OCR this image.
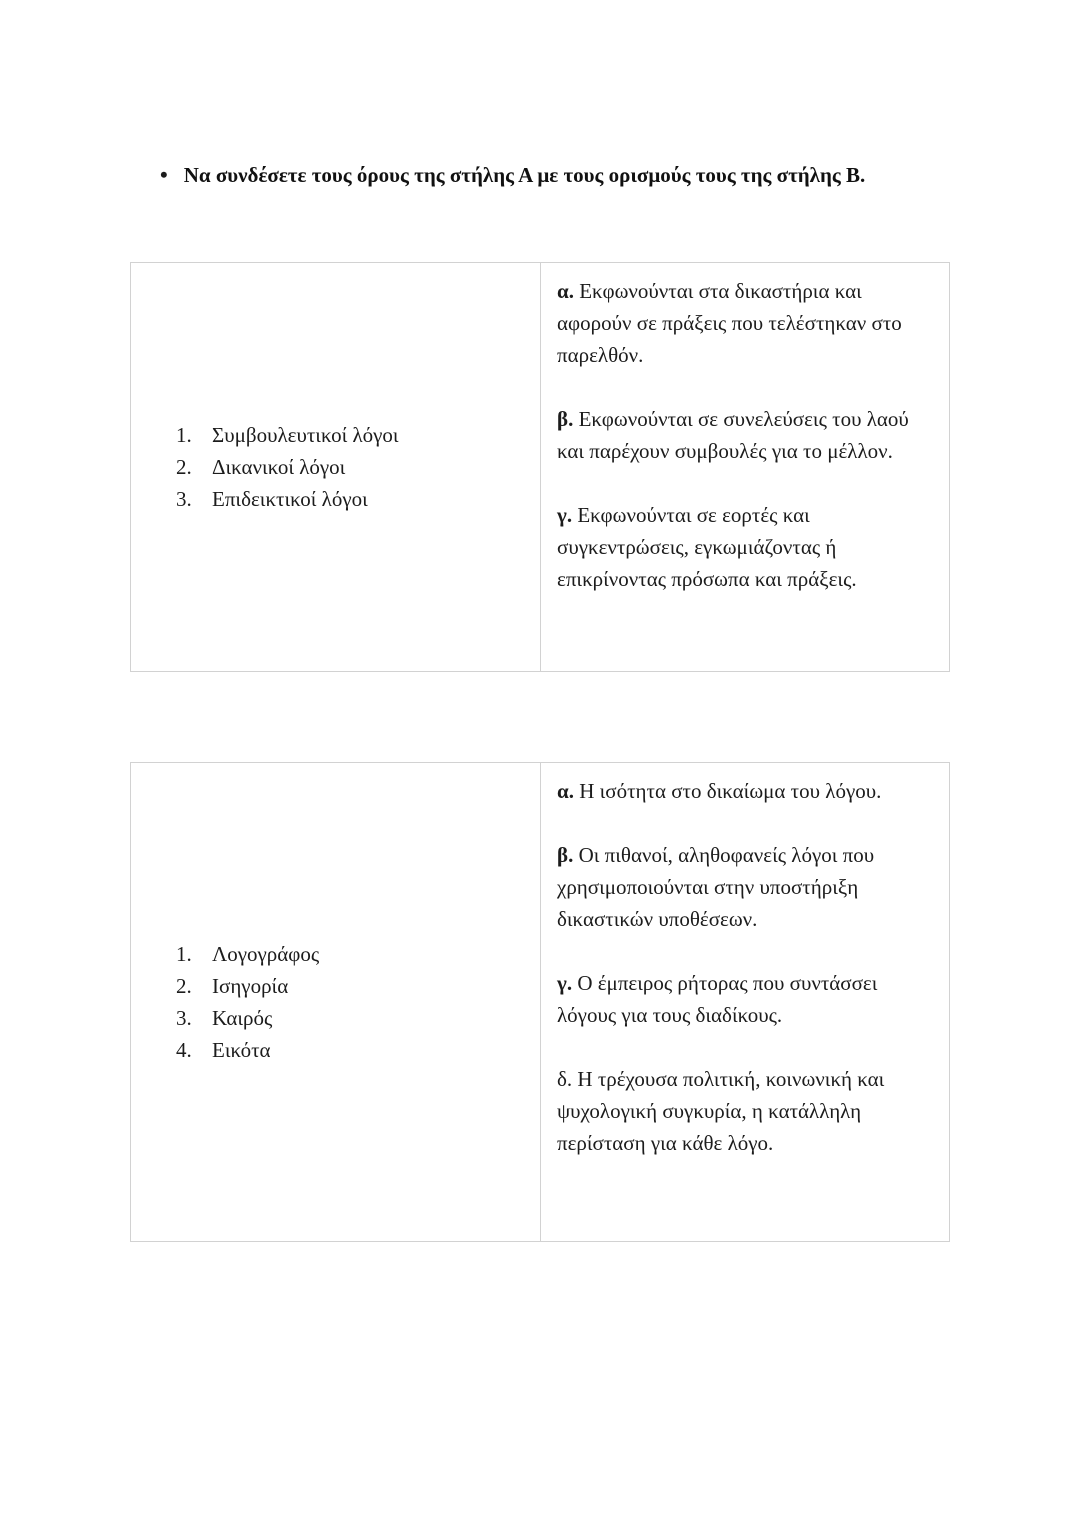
• Να συνδέσετε τους όρους της στήλης Α με τους ορισμούς τους της στήλης Β.

1. Συμβουλευτικοί λόγοι
2. Δικανικοί λόγοι
3. Επιδεικτικοί λόγοι

α. Εκφωνούνται στα δικαστήρια και αφορούν σε πράξεις που τελέστηκαν στο παρελθόν.

β. Εκφωνούνται σε συνελεύσεις του λαού και παρέχουν συμβουλές για το μέλλον.

γ. Εκφωνούνται σε εορτές και συγκεντρώσεις, εγκωμιάζοντας ή επικρίνοντας πρόσωπα και πράξεις.

1. Λογογράφος
2. Ισηγορία
3. Καιρός
4. Εικότα

α. Η ισότητα στο δικαίωμα του λόγου.

β. Οι πιθανοί, αληθοφανείς λόγοι που χρησιμοποιούνται στην υποστήριξη δικαστικών υποθέσεων.

γ. Ο έμπειρος ρήτορας που συντάσσει λόγους για τους διαδίκους.

δ. Η τρέχουσα πολιτική, κοινωνική και ψυχολογική συγκυρία, η κατάλληλη περίσταση για κάθε λόγο.
